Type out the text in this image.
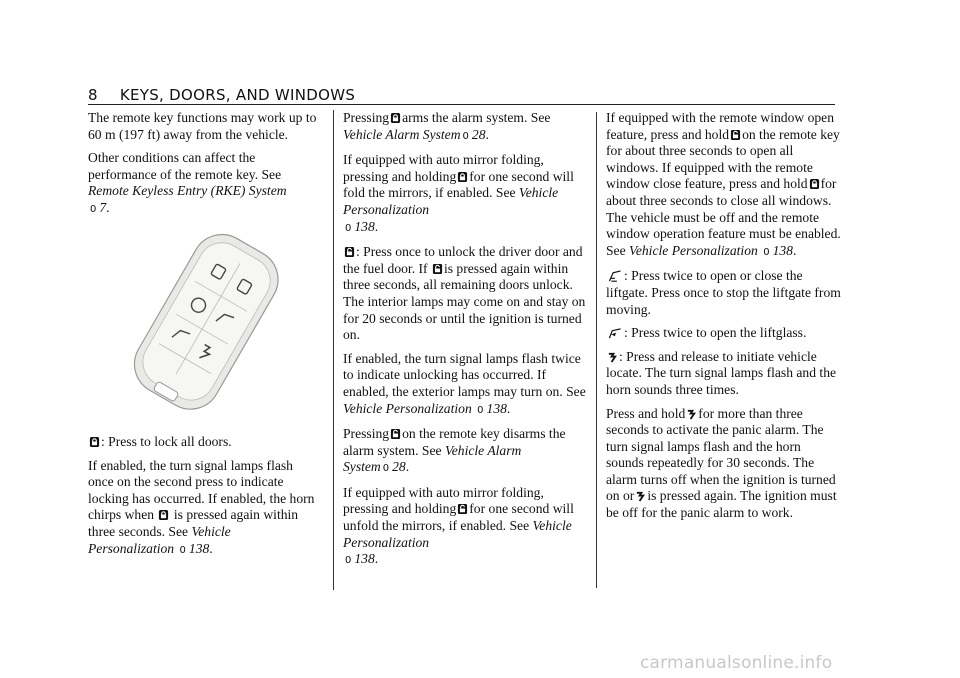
8 KEYS, DOORS, AND WINDOWS

The remote key functions may work up to 60 m (197 ft) away from the vehicle.

Other conditions can affect the performance of the remote key. See Remote Keyless Entry (RKE) System
0 7.

: Press to lock all doors.

If enabled, the turn signal lamps flash once on the second press to indicate locking has occurred. If enabled, the horn chirps when is pressed again within three seconds. See Vehicle Personalization 0 138.

Pressing arms the alarm system. See Vehicle Alarm System 0 28.

If equipped with auto mirror folding, pressing and holding for one second will fold the mirrors, if enabled. See Vehicle Personalization
0 138.

: Press once to unlock the driver door and the fuel door. If is pressed again within three seconds, all remaining doors unlock. The interior lamps may come on and stay on for 20 seconds or until the ignition is turned on.

If enabled, the turn signal lamps flash twice to indicate unlocking has occurred. If enabled, the exterior lamps may turn on. See Vehicle Personalization 0 138.

Pressing on the remote key disarms the alarm system. See Vehicle Alarm System 0 28.

If equipped with auto mirror folding, pressing and holding for one second will unfold the mirrors, if enabled. See Vehicle Personalization
0 138.

If equipped with the remote window open feature, press and hold on the remote key for about three seconds to open all windows. If equipped with the remote window close feature, press and hold for about three seconds to close all windows. The vehicle must be off and the remote window operation feature must be enabled. See Vehicle Personalization 0 138.

: Press twice to open or close the liftgate. Press once to stop the liftgate from moving.

: Press twice to open the liftglass.

: Press and release to initiate vehicle locate. The turn signal lamps flash and the horn sounds three times.

Press and hold for more than three seconds to activate the panic alarm. The turn signal lamps flash and the horn sounds repeatedly for 30 seconds. The alarm turns off when the ignition is turned on or is pressed again. The ignition must be off for the panic alarm to work.

carmanualsonline.info
